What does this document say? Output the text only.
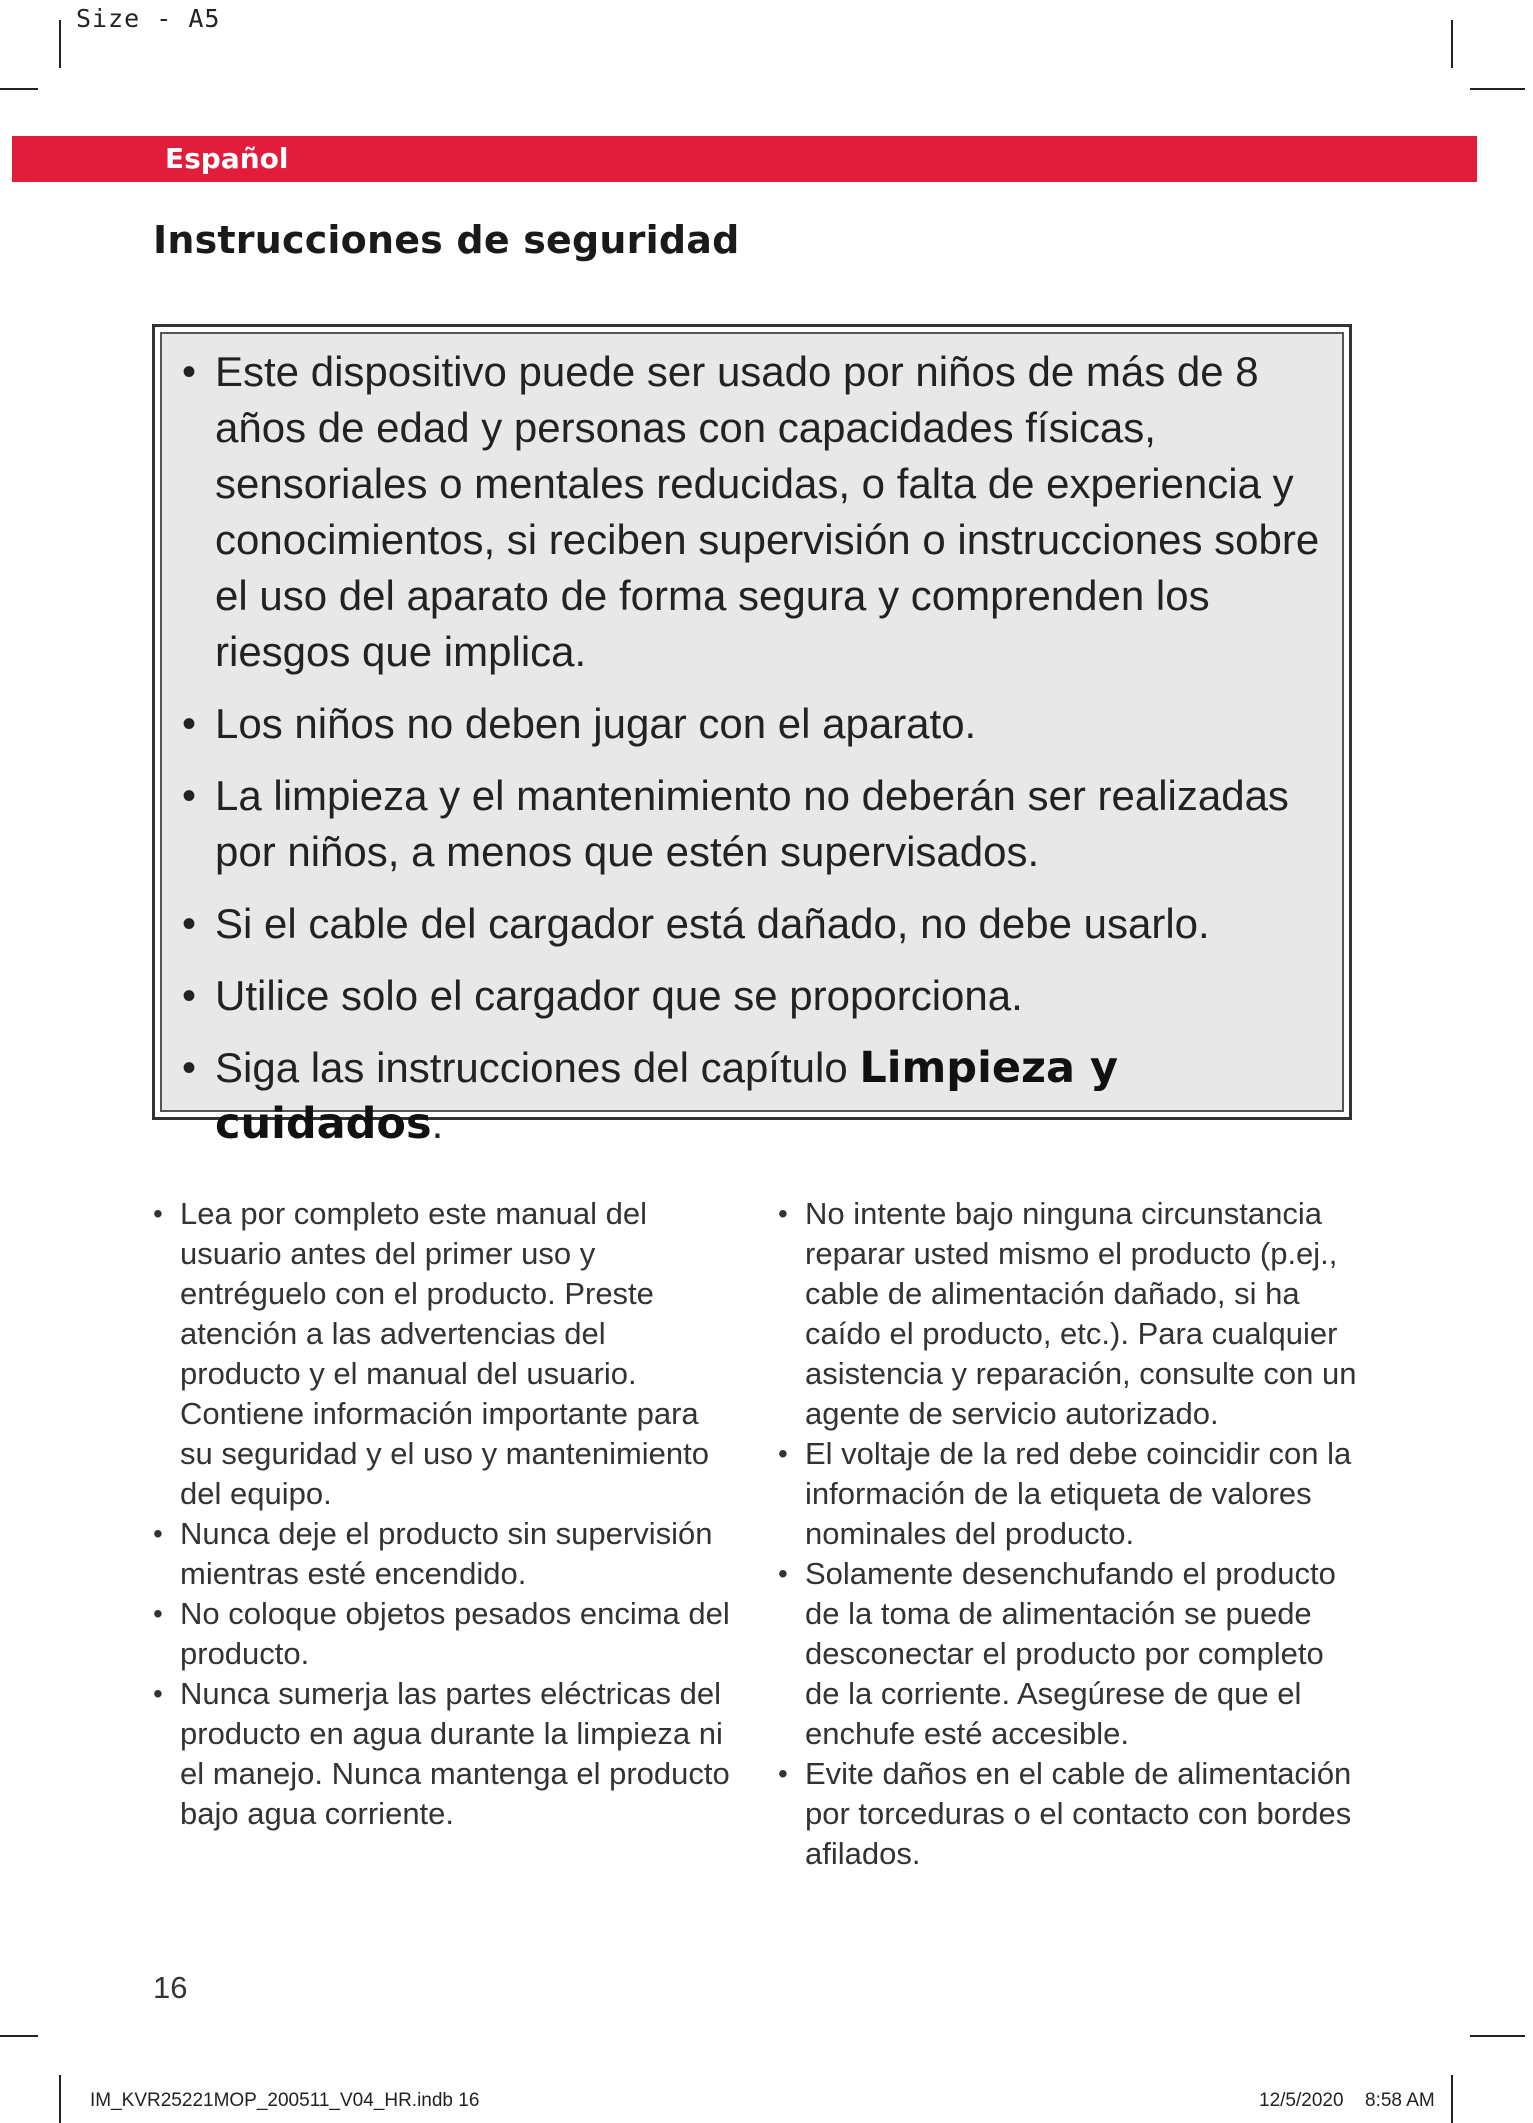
Size - A5
Español
Instrucciones de seguridad
• Este dispositivo puede ser usado por niños de más de 8 años de edad y personas con capacidades físicas, sensoriales o mentales reducidas, o falta de experiencia y conocimientos, si reciben supervisión o instrucciones sobre el uso del aparato de forma segura y comprenden los riesgos que implica.
• Los niños no deben jugar con el aparato.
• La limpieza y el mantenimiento no deberán ser realizadas por niños, a menos que estén supervisados.
• Si el cable del cargador está dañado, no debe usarlo.
• Utilice solo el cargador que se proporciona.
• Siga las instrucciones del capítulo Limpieza y cuidados.
• Lea por completo este manual del usuario antes del primer uso y entréguelo con el producto. Preste atención a las advertencias del producto y el manual del usuario. Contiene información importante para su seguridad y el uso y mantenimiento del equipo.
• Nunca deje el producto sin supervisión mientras esté encendido.
• No coloque objetos pesados encima del producto.
• Nunca sumerja las partes eléctricas del producto en agua durante la limpieza ni el manejo. Nunca mantenga el producto bajo agua corriente.
• No intente bajo ninguna circunstancia reparar usted mismo el producto (p.ej., cable de alimentación dañado, si ha caído el producto, etc.). Para cualquier asistencia y reparación, consulte con un agente de servicio autorizado.
• El voltaje de la red debe coincidir con la información de la etiqueta de valores nominales del producto.
• Solamente desenchufando el producto de la toma de alimentación se puede desconectar el producto por completo de la corriente. Asegúrese de que el enchufe esté accesible.
• Evite daños en el cable de alimentación por torceduras o el contacto con bordes afilados.
16
IM_KVR25221MOP_200511_V04_HR.indb 16	12/5/2020 8:58 AM
